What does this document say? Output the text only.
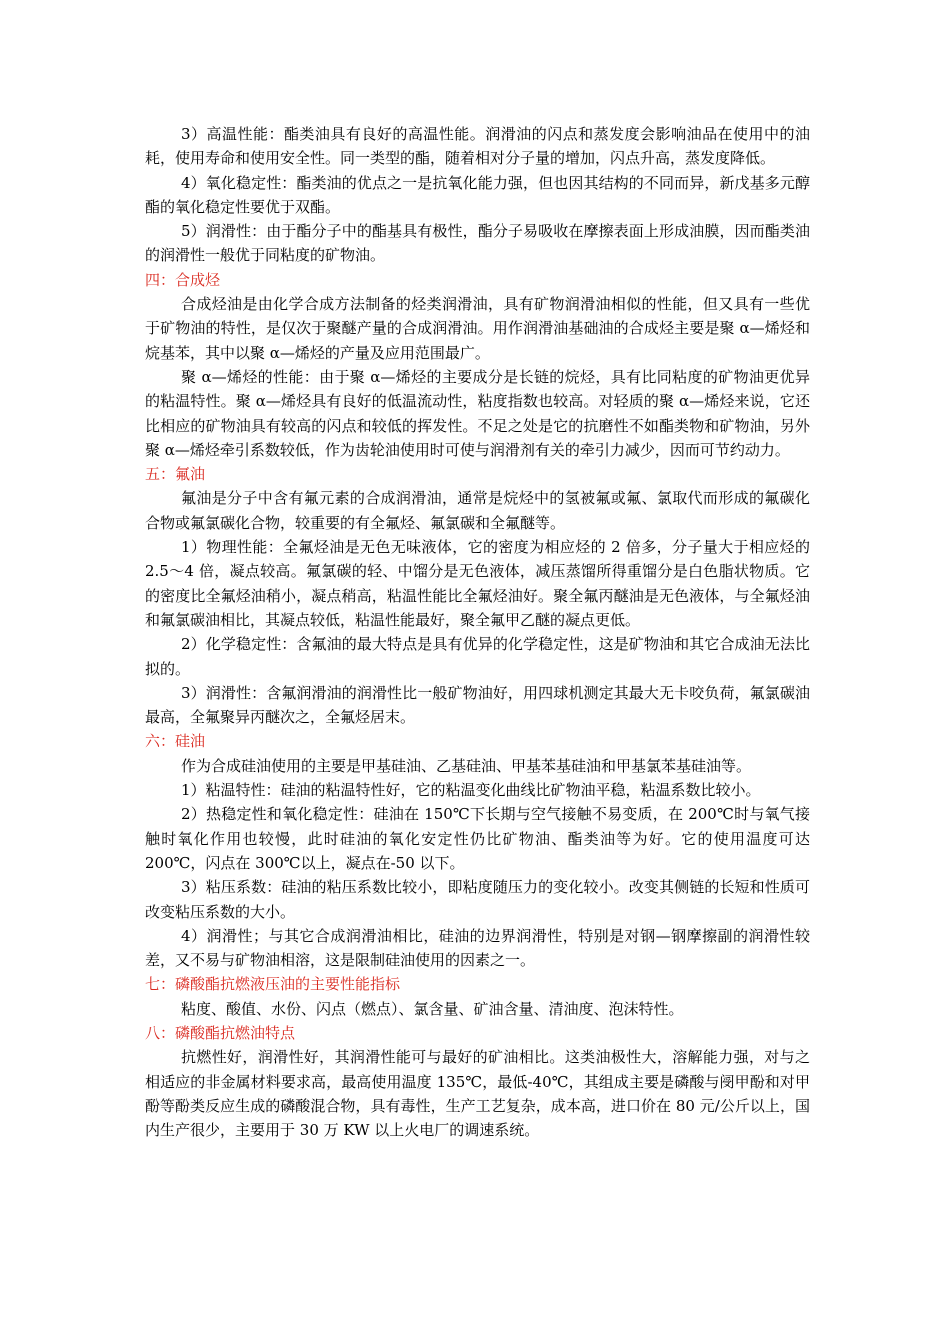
3）高温性能：酯类油具有良好的高温性能。润滑油的闪点和蒸发度会影响油品在使用中的油耗，使用寿命和使用安全性。同一类型的酯，随着相对分子量的增加，闪点升高，蒸发度降低。

4）氧化稳定性：酯类油的优点之一是抗氧化能力强，但也因其结构的不同而异，新戊基多元醇酯的氧化稳定性要优于双酯。

5）润滑性：由于酯分子中的酯基具有极性，酯分子易吸收在摩擦表面上形成油膜，因而酯类油的润滑性一般优于同粘度的矿物油。

四：合成烃

合成烃油是由化学合成方法制备的烃类润滑油，具有矿物润滑油相似的性能，但又具有一些优于矿物油的特性，是仅次于聚醚产量的合成润滑油。用作润滑油基础油的合成烃主要是聚 α—烯烃和烷基苯，其中以聚 α—烯烃的产量及应用范围最广。

聚 α—烯烃的性能：由于聚 α—烯烃的主要成分是长链的烷烃，具有比同粘度的矿物油更优异的粘温特性。聚 α—烯烃具有良好的低温流动性，粘度指数也较高。对轻质的聚 α—烯烃来说，它还比相应的矿物油具有较高的闪点和较低的挥发性。不足之处是它的抗磨性不如酯类物和矿物油，另外聚 α—烯烃牵引系数较低，作为齿轮油使用时可使与润滑剂有关的牵引力减少，因而可节约动力。

五：氟油

氟油是分子中含有氟元素的合成润滑油，通常是烷烃中的氢被氟或氟、氯取代而形成的氟碳化合物或氟氯碳化合物，较重要的有全氟烃、氟氯碳和全氟醚等。

1）物理性能：全氟烃油是无色无味液体，它的密度为相应烃的 2 倍多，分子量大于相应烃的 2.5～4 倍，凝点较高。氟氯碳的轻、中馏分是无色液体，减压蒸馏所得重馏分是白色脂状物质。它的密度比全氟烃油稍小，凝点稍高，粘温性能比全氟烃油好。聚全氟丙醚油是无色液体，与全氟烃油和氟氯碳油相比，其凝点较低，粘温性能最好，聚全氟甲乙醚的凝点更低。

2）化学稳定性：含氟油的最大特点是具有优异的化学稳定性，这是矿物油和其它合成油无法比拟的。

3）润滑性：含氟润滑油的润滑性比一般矿物油好，用四球机测定其最大无卡咬负荷，氟氯碳油最高，全氟聚异丙醚次之，全氟烃居末。

六：硅油

作为合成硅油使用的主要是甲基硅油、乙基硅油、甲基苯基硅油和甲基氯苯基硅油等。

1）粘温特性：硅油的粘温特性好，它的粘温变化曲线比矿物油平稳，粘温系数比较小。

2）热稳定性和氧化稳定性：硅油在 150℃下长期与空气接触不易变质，在 200℃时与氧气接触时氧化作用也较慢，此时硅油的氧化安定性仍比矿物油、酯类油等为好。它的使用温度可达 200℃，闪点在 300℃以上，凝点在-50 以下。

3）粘压系数：硅油的粘压系数比较小，即粘度随压力的变化较小。改变其侧链的长短和性质可改变粘压系数的大小。

4）润滑性；与其它合成润滑油相比，硅油的边界润滑性，特别是对钢—钢摩擦副的润滑性较差，又不易与矿物油相溶，这是限制硅油使用的因素之一。

七：磷酸酯抗燃液压油的主要性能指标

粘度、酸值、水份、闪点（燃点）、氯含量、矿油含量、清油度、泡沫特性。

八：磷酸酯抗燃油特点

抗燃性好，润滑性好，其润滑性能可与最好的矿油相比。这类油极性大，溶解能力强，对与之相适应的非金属材料要求高，最高使用温度 135℃，最低-40℃，其组成主要是磷酸与阌甲酚和对甲酚等酚类反应生成的磷酸混合物，具有毒性，生产工艺复杂，成本高，进口价在 80 元/公斤以上，国内生产很少，主要用于 30 万 KW 以上火电厂的调速系统。
